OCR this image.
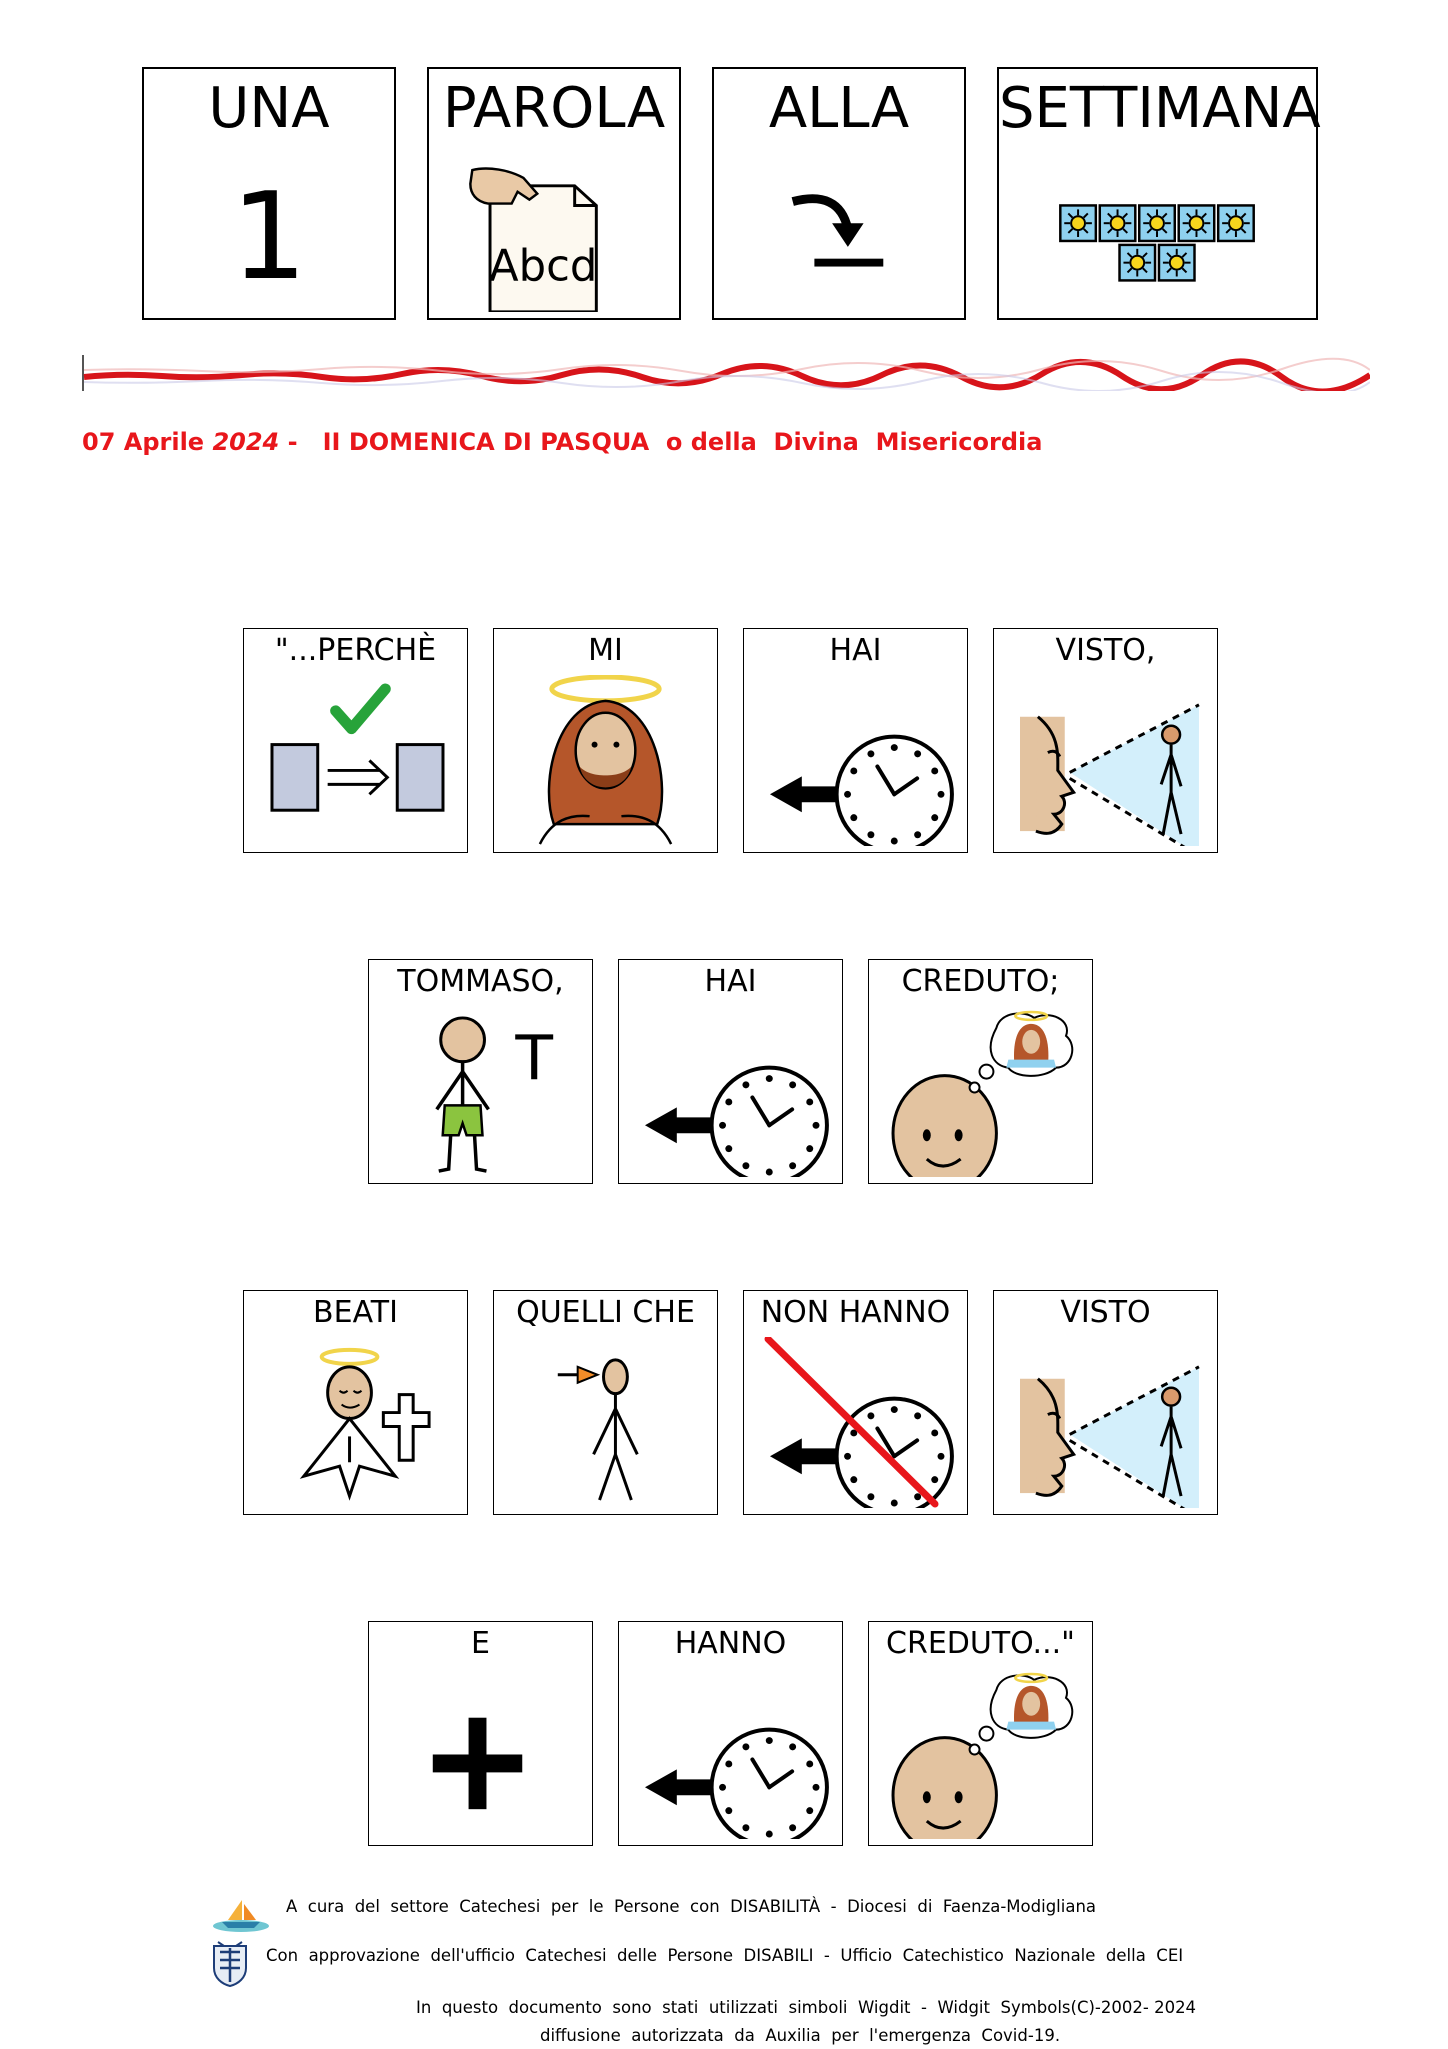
UNA
1
PAROLA
Abcd
ALLA	SETTIMANA
07 Aprile 2024 -   II DOMENICA DI PASQUA  o della  Divina  Misericordia
"...PERCHÈ	MI	HAI	VISTO,
TOMMASO,
T
HAI	CREDUTO;
BEATI	QUELLI CHE	NON HANNO	VISTO
E	HANNO	CREDUTO..."
A  cura  del  settore  Catechesi  per  le  Persone  con  DISABILITÀ  -  Diocesi  di  Faenza-Modigliana
Con  approvazione  dell'ufficio  Catechesi  delle  Persone  DISABILI  -  Ufficio  Catechistico  Nazionale  della  CEI
In  questo  documento  sono  stati  utilizzati  simboli  Wigdit  -  Widgit  Symbols(C)-2002- 2024
diffusione  autorizzata  da  Auxilia  per  l'emergenza  Covid-19.
